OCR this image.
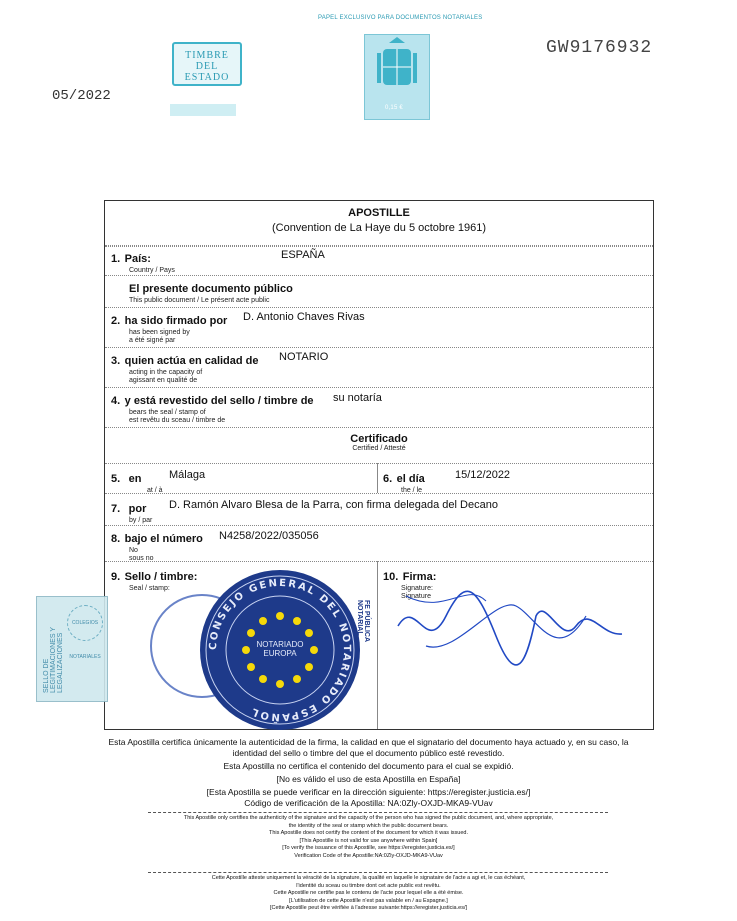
PAPEL EXCLUSIVO PARA DOCUMENTOS NOTARIALES
TIMBRE
DEL ESTADO
05/2022
GW9176932
0,15 €
APOSTILLE
(Convention de La Haye du 5 octobre 1961)
1. País:
Country / Pays
ESPAÑA
El presente documento público
This public document / Le présent acte public
2. ha sido firmado por
has been signed by
a été signé par
D. Antonio Chaves Rivas
3. quien actúa en calidad de
acting in the capacity of
agissant en qualité de
NOTARIO
4. y está revestido del sello / timbre de
bears the seal / stamp of
est revêtu du sceau / timbre de
su notaría
Certificado
Certified / Attesté
5. en
at / à
Málaga	6. el día
the / le
15/12/2022
7. por
by / par
D. Ramón Alvaro Blesa de la Parra, con firma delegada del Decano
8. bajo el número
No
sous no
N4258/2022/035056
9. Sello / timbre:
Seal / stamp:
10. Firma:
Signature:
Signature
SELLO DE LEGITIMACIONES Y LEGALIZACIONES
COLEGIOS NOTARIALES
CONSEJO GENERAL DEL NOTARIADO ESPAÑOL
NOTARIADO EUROPA
FE PÚBLICA NOTARIAL
Esta Apostilla certifica únicamente la autenticidad de la firma, la calidad en que el signatario del documento haya actuado y, en su caso, la
identidad del sello o timbre del que el documento público esté revestido.
Esta Apostilla no certifica el contenido del documento para el cual se expidió.
[No es válido el uso de esta Apostilla en España]
[Esta Apostilla se puede verificar en la dirección siguiente: https://eregister.justicia.es/]
Código de verificación de la Apostilla: NA:0Zly-OXJD-MKA9-VUav
This Apostille only certifies the authenticity of the signature and the capacity of the person who has signed the public document, and, where appropriate,
the identity of the seal or stamp which the public document bears.
This Apostille does not certify the content of the document for which it was issued.
[This Apostille is not valid for use anywhere within Spain]
[To verify the issuance of this Apostille, see https://eregister.justicia.es/]
Verification Code of the Apostille:NA:0Zly-OXJD-MKA9-VUav
Cette Apostille atteste uniquement la véracité de la signature, la qualité en laquelle le signataire de l'acte a agi et, le cas échéant,
l'identité du sceau ou timbre dont cet acte public est revêtu.
Cette Apostille ne certifie pas le contenu de l'acte pour lequel elle a été émise.
[L'utilisation de cette Apostille n'est pas valable en / au Espagne.]
[Cette Apostille peut être vérifiée à l'adresse suivante:https://eregister.justicia.es/]
